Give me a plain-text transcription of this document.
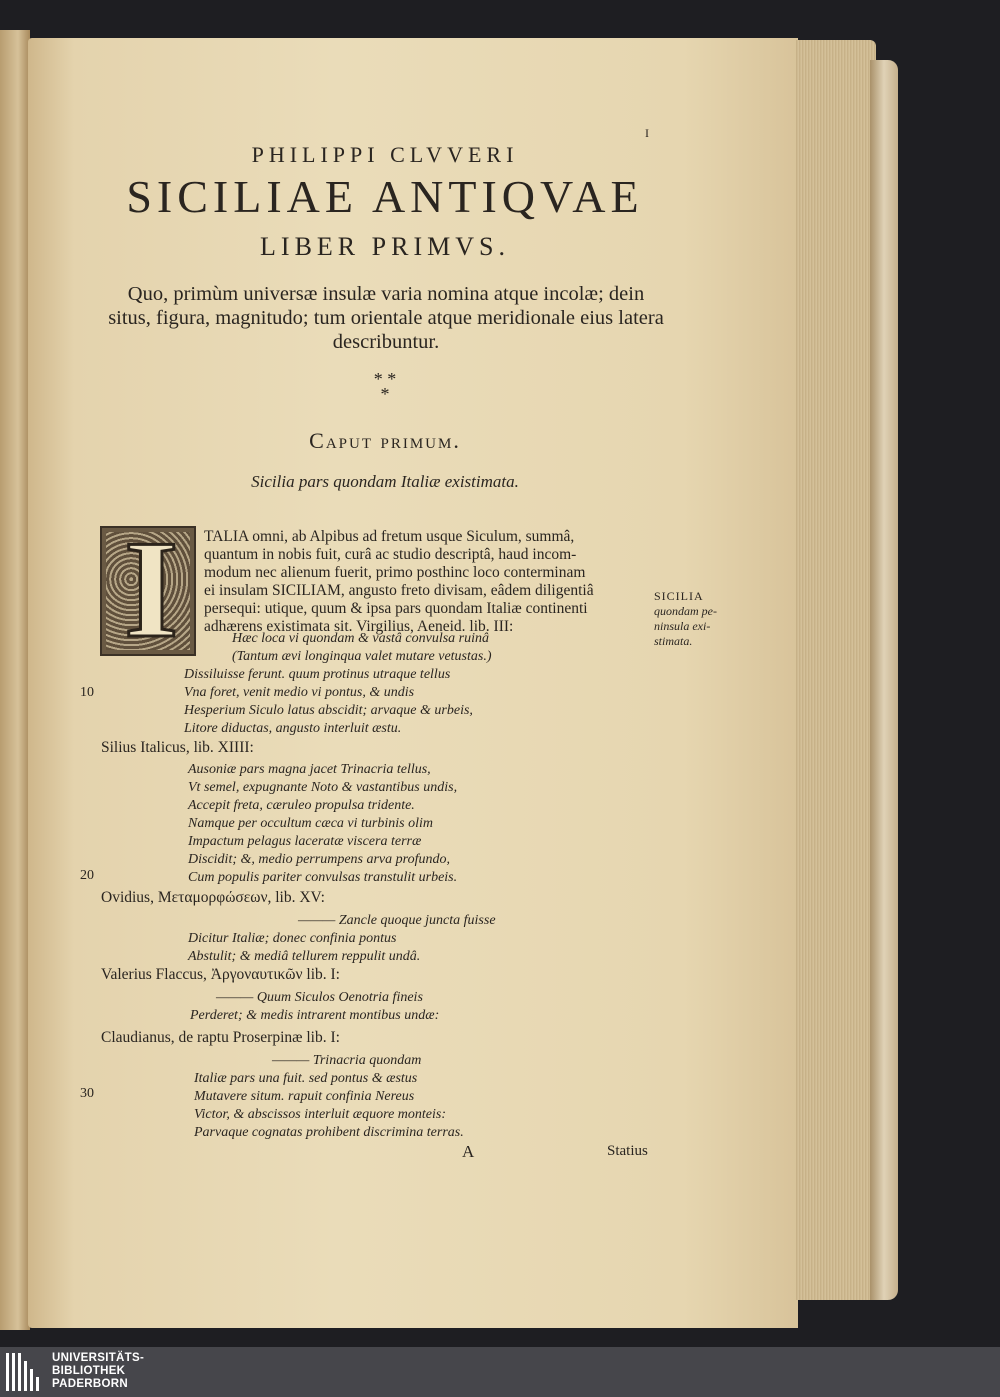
I
PHILIPPI CLVVERI
SICILIAE ANTIQVAE
LIBER PRIMVS.
Quo, primùm universæ insulæ varia nomina atque incolæ; dein situs, figura, magnitudo; tum orientale atque meridionale eius latera describuntur.
* *
*
Caput primum.
Sicilia pars quondam Italiæ existimata.
I TALIA omni, ab Alpibus ad fretum usque Siculum, summâ,
quantum in nobis fuit, curâ ac studio descriptâ, haud incom-
modum nec alienum fuerit, primo posthinc loco conterminam
ei insulam SICILIAM, angusto freto divisam, eâdem diligentiâ
persequi: utique, quum & ipsa pars quondam Italiæ continenti
adhærens existimata sit. Virgilius, Aeneid. lib. III:
Hæc loca vi quondam & vastâ convulsa ruinâ
(Tantum ævi longinqua valet mutare vetustas.)
Dissiluisse ferunt. quum protinus utraque tellus
Vna foret, venit medio vi pontus, & undis
Hesperium Siculo latus abscidit; arvaque & urbeis,
Litore diductas, angusto interluit æstu.
10
Silius Italicus, lib. XIIII:
Ausoniæ pars magna jacet Trinacria tellus,
Vt semel, expugnante Noto & vastantibus undis,
Accepit freta, cæruleo propulsa tridente.
Namque per occultum cæca vi turbinis olim
Impactum pelagus laceratæ viscera terræ
Discidit; &, medio perrumpens arva profundo,
Cum populis pariter convulsas transtulit urbeis.
20
Ovidius, Μεταμορφώσεων, lib. XV:
——— Zancle quoque juncta fuisse
Dicitur Italiæ; donec confinia pontus
Abstulit; & mediâ tellurem reppulit undâ.
Valerius Flaccus, Ἀργοναυτικῶν lib. I:
——— Quum Siculos Oenotria fineis
Perderet; & medis intrarent montibus undæ:
Claudianus, de raptu Proserpinæ lib. I:
——— Trinacria quondam
Italiæ pars una fuit. sed pontus & æstus
Mutavere situm. rapuit confinia Nereus
Victor, & abscissos interluit æquore monteis:
Parvaque cognatas prohibent discrimina terras.
30
SICILIA
quondam pe-
ninsula exi-
stimata.
A	Statius
UNIVERSITÄTS-
BIBLIOTHEK
PADERBORN
